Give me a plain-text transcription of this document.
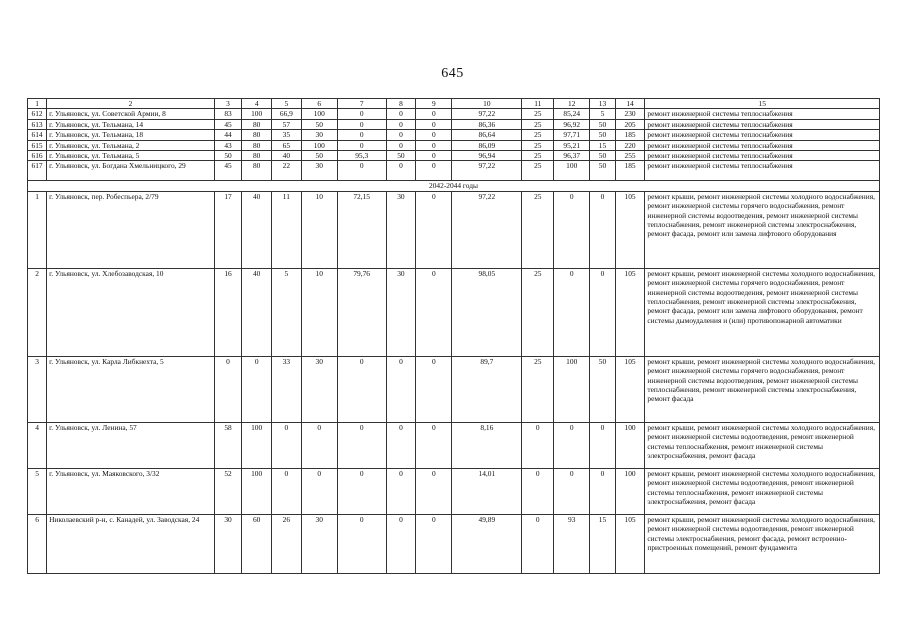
645
1	2	3	4	5	6	7	8	9	10	11	12	13	14	15
612	г. Ульяновск, ул. Советской Армии, 8	83	100	66,9	100	0	0	0	97,22	25	85,24	5	230	ремонт инженерной системы теплоснабжения
613	г. Ульяновск, ул. Тельмана, 14	45	80	57	50	0	0	0	86,36	25	96,92	50	205	ремонт инженерной системы теплоснабжения
614	г. Ульяновск, ул. Тельмана, 18	44	80	35	30	0	0	0	86,64	25	97,71	50	185	ремонт инженерной системы теплоснабжения
615	г. Ульяновск, ул. Тельмана, 2	43	80	65	100	0	0	0	86,09	25	95,21	15	220	ремонт инженерной системы теплоснабжения
616	г. Ульяновск, ул. Тельмана, 5	50	80	40	50	95,3	50	0	96,94	25	96,37	50	255	ремонт инженерной системы теплоснабжения
617	г. Ульяновск, ул. Богдана Хмельницкого, 29	45	80	22	30	0	0	0	97,22	25	100	50	185	ремонт инженерной системы теплоснабжения
2042-2044 годы														
1	г. Ульяновск, пер. Робеспьера, 2/79	17	40	11	10	72,15	30	0	97,22	25	0	0	105	ремонт крыши, ремонт инженерной системы холодного водоснабжения, ремонт инженерной системы горячего водоснабжения, ремонт инженерной системы водоотведения, ремонт инженерной системы теплоснабжения, ремонт инженерной системы электроснабжения, ремонт фасада, ремонт или замена лифтового оборудования
2	г. Ульяновск, ул. Хлебозаводская, 10	16	40	5	10	79,76	30	0	98,05	25	0	0	105	ремонт крыши, ремонт инженерной системы холодного водоснабжения, ремонт инженерной системы горячего водоснабжения, ремонт инженерной системы водоотведения, ремонт инженерной системы теплоснабжения, ремонт инженерной системы электроснабжения, ремонт фасада, ремонт или замена лифтового оборудования, ремонт системы дымоудаления и (или) противопожарной автоматики
3	г. Ульяновск, ул. Карла Либкнехта, 5	0	0	33	30	0	0	0	89,7	25	100	50	105	ремонт крыши, ремонт инженерной системы холодного водоснабжения, ремонт инженерной системы горячего водоснабжения, ремонт инженерной системы водоотведения, ремонт инженерной системы теплоснабжения, ремонт инженерной системы электроснабжения, ремонт фасада
4	г. Ульяновск, ул. Ленина, 57	58	100	0	0	0	0	0	8,16	0	0	0	100	ремонт крыши, ремонт инженерной системы холодного водоснабжения, ремонт инженерной системы водоотведения, ремонт инженерной системы теплоснабжения, ремонт инженерной системы электроснабжения, ремонт фасада
5	г. Ульяновск, ул. Маяковского, 3/32	52	100	0	0	0	0	0	14,01	0	0	0	100	ремонт крыши, ремонт инженерной системы холодного водоснабжения, ремонт инженерной системы водоотведения, ремонт инженерной системы теплоснабжения, ремонт инженерной системы электроснабжения, ремонт фасада
6	Николаевский р-н, с. Канадей, ул. Заводская, 24	30	60	26	30	0	0	0	49,89	0	93	15	105	ремонт крыши, ремонт инженерной системы холодного водоснабжения, ремонт инженерной системы водоотведения, ремонт инженерной системы электроснабжения, ремонт фасада, ремонт встроенно-пристроенных помещений, ремонт фундамента
